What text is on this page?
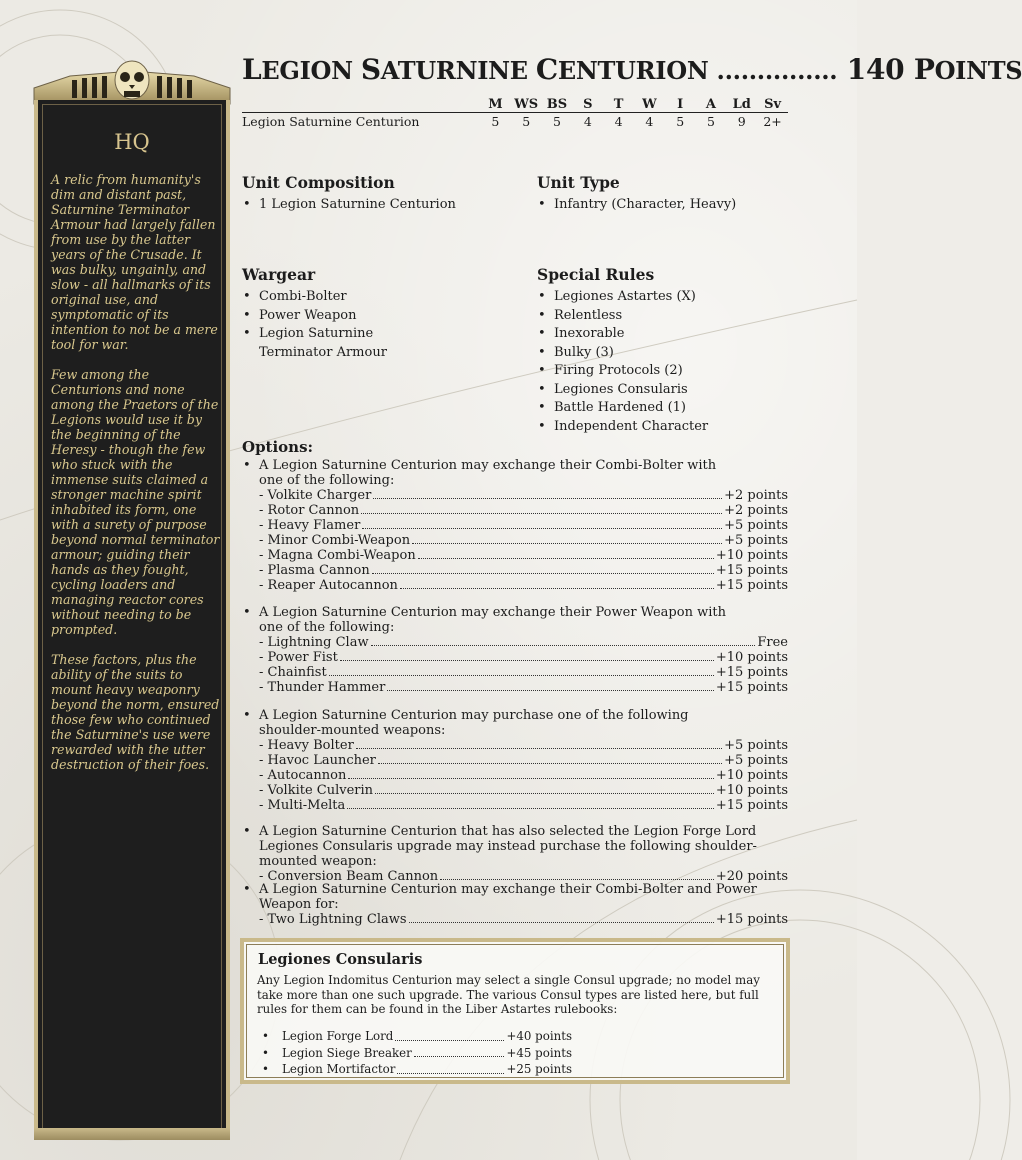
HQ

A relic from humanity's dim and distant past, Saturnine Terminator Armour had largely fallen from use by the latter years of the Crusade. It was bulky, ungainly, and slow - all hallmarks of its original use, and symptomatic of its intention to not be a mere tool for war.

Few among the Centurions and none among the Praetors of the Legions would use it by the beginning of the Heresy - though the few who stuck with the immense suits claimed a stronger machine spirit inhabited its form, one with a surety of purpose beyond normal terminator armour; guiding their hands as they fought, cycling loaders and managing reactor cores without needing to be prompted.

These factors, plus the ability of the suits to mount heavy weaponry beyond the norm, ensured those few who continued the Saturnine's use were rewarded with the utter destruction of their foes.

LEGION SATURNINE CENTURION ............... 140 POINTS
	M	WS	BS	S	T	W	I	A	Ld	Sv
Legion Saturnine Centurion	5	5	5	4	4	4	5	5	9	2+
Unit Composition
• 1 Legion Saturnine Centurion
Unit Type
• Infantry (Character, Heavy)
Wargear
• Combi-Bolter
• Power Weapon
• Legion Saturnine
Terminator Armour
Special Rules
• Legiones Astartes (X)
• Relentless
• Inexorable
• Bulky (3)
• Firing Protocols (2)
• Legiones Consularis
• Battle Hardened (1)
• Independent Character
Options:
• A Legion Saturnine Centurion may exchange their Combi-Bolter with one of the following:
- Volkite Charger	+2 points
- Rotor Cannon	+2 points
- Heavy Flamer	+5 points
- Minor Combi-Weapon	+5 points
- Magna Combi-Weapon	+10 points
- Plasma Cannon	+15 points
- Reaper Autocannon	+15 points
• A Legion Saturnine Centurion may exchange their Power Weapon with one of the following:
- Lightning Claw	Free
- Power Fist	+10 points
- Chainfist	+15 points
- Thunder Hammer	+15 points
• A Legion Saturnine Centurion may purchase one of the following shoulder-mounted weapons:
- Heavy Bolter	+5 points
- Havoc Launcher	+5 points
- Autocannon	+10 points
- Volkite Culverin	+10 points
- Multi-Melta	+15 points
• A Legion Saturnine Centurion that has also selected the Legion Forge Lord Legiones Consularis upgrade may instead purchase the following shoulder-mounted weapon:
- Conversion Beam Cannon	+20 points
• A Legion Saturnine Centurion may exchange their Combi-Bolter and Power Weapon for:
- Two Lightning Claws	+15 points
Legiones Consularis
Any Legion Indomitus Centurion may select a single Consul upgrade; no model may take more than one such upgrade. The various Consul types are listed here, but full rules for them can be found in the Liber Astartes rulebooks:
• Legion Forge Lord	+40 points
• Legion Siege Breaker	+45 points
• Legion Mortifactor	+25 points
